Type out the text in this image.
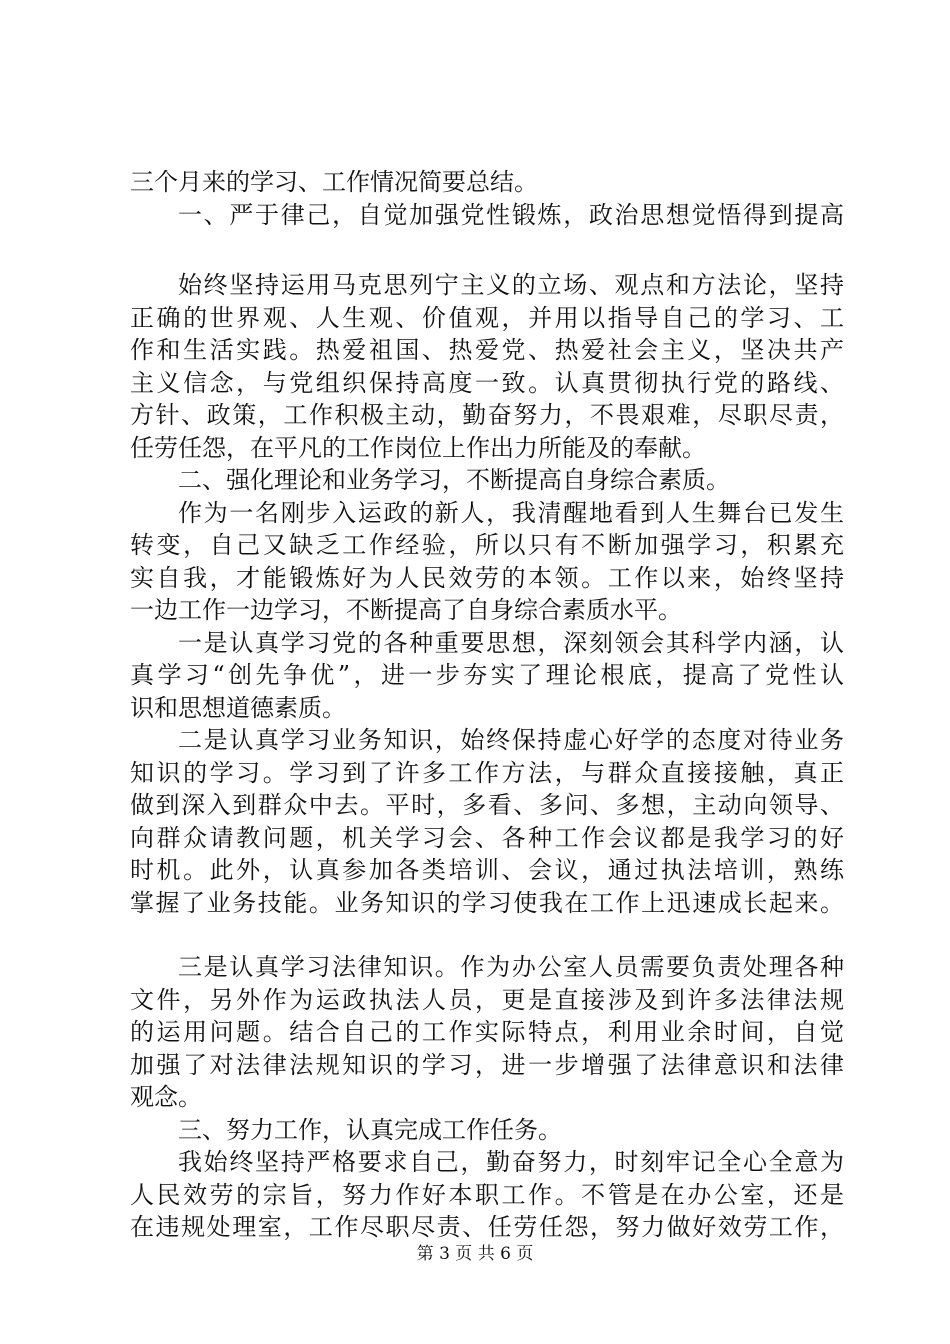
三个月来的学习、工作情况简要总结。
一、严于律己，自觉加强党性锻炼，政治思想觉悟得到提高
始终坚持运用马克思列宁主义的立场、观点和方法论，坚持
正确的世界观、人生观、价值观，并用以指导自己的学习、工
作和生活实践。热爱祖国、热爱党、热爱社会主义，坚决共产
主义信念，与党组织保持高度一致。认真贯彻执行党的路线、
方针、政策，工作积极主动，勤奋努力，不畏艰难，尽职尽责，
任劳任怨，在平凡的工作岗位上作出力所能及的奉献。
二、强化理论和业务学习，不断提高自身综合素质。
作为一名刚步入运政的新人，我清醒地看到人生舞台已发生
转变，自己又缺乏工作经验，所以只有不断加强学习，积累充
实自我，才能锻炼好为人民效劳的本领。工作以来，始终坚持
一边工作一边学习，不断提高了自身综合素质水平。
一是认真学习党的各种重要思想，深刻领会其科学内涵，认
真学习“创先争优”，进一步夯实了理论根底，提高了党性认
识和思想道德素质。
二是认真学习业务知识，始终保持虚心好学的态度对待业务
知识的学习。学习到了许多工作方法，与群众直接接触，真正
做到深入到群众中去。平时，多看、多问、多想，主动向领导、
向群众请教问题，机关学习会、各种工作会议都是我学习的好
时机。此外，认真参加各类培训、会议，通过执法培训，熟练
掌握了业务技能。业务知识的学习使我在工作上迅速成长起来。
三是认真学习法律知识。作为办公室人员需要负责处理各种
文件，另外作为运政执法人员，更是直接涉及到许多法律法规
的运用问题。结合自己的工作实际特点，利用业余时间，自觉
加强了对法律法规知识的学习，进一步增强了法律意识和法律
观念。
三、努力工作，认真完成工作任务。
我始终坚持严格要求自己，勤奋努力，时刻牢记全心全意为
人民效劳的宗旨，努力作好本职工作。不管是在办公室，还是
在违规处理室，工作尽职尽责、任劳任怨，努力做好效劳工作，
第 3 页 共 6 页
